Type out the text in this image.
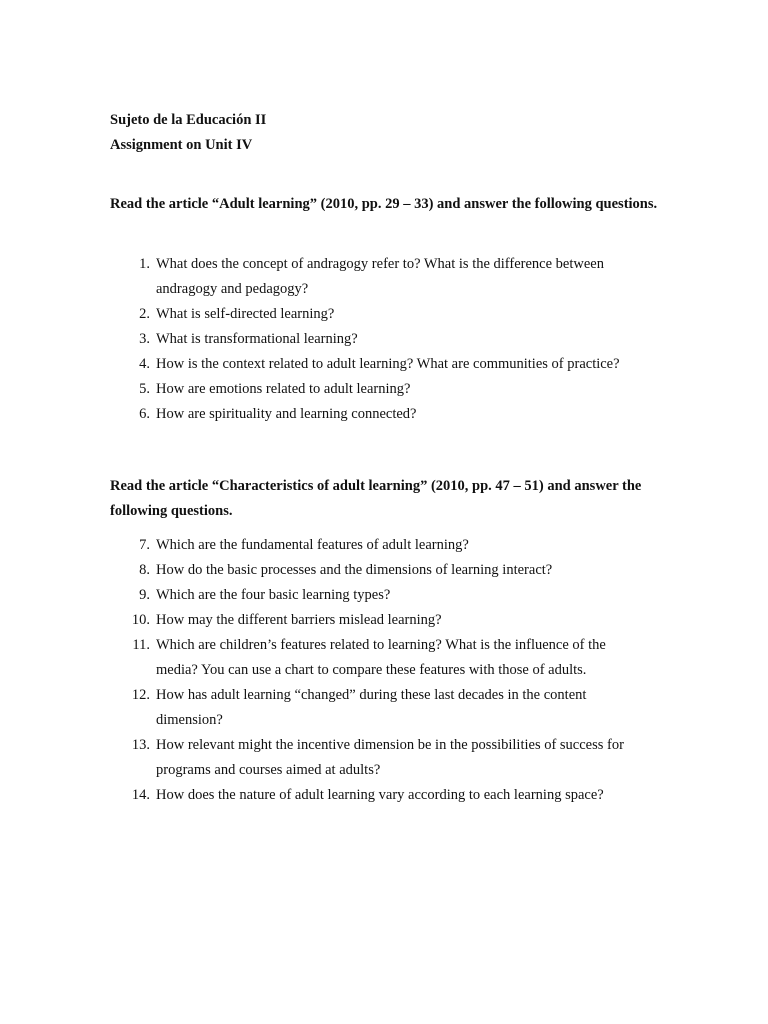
Sujeto de la Educación II
Assignment on Unit IV
Read the article “Adult learning” (2010, pp. 29 – 33) and answer the following questions.
1. What does the concept of andragogy refer to? What is the difference between andragogy and pedagogy?
2. What is self-directed learning?
3. What is transformational learning?
4. How is the context related to adult learning? What are communities of practice?
5. How are emotions related to adult learning?
6. How are spirituality and learning connected?
Read the article “Characteristics of adult learning” (2010, pp. 47 – 51) and answer the following questions.
7. Which are the fundamental features of adult learning?
8. How do the basic processes and the dimensions of learning interact?
9. Which are the four basic learning types?
10. How may the different barriers mislead learning?
11. Which are children’s features related to learning? What is the influence of the media? You can use a chart to compare these features with those of adults.
12. How has adult learning “changed” during these last decades in the content dimension?
13. How relevant might the incentive dimension be in the possibilities of success for programs and courses aimed at adults?
14. How does the nature of adult learning vary according to each learning space?
